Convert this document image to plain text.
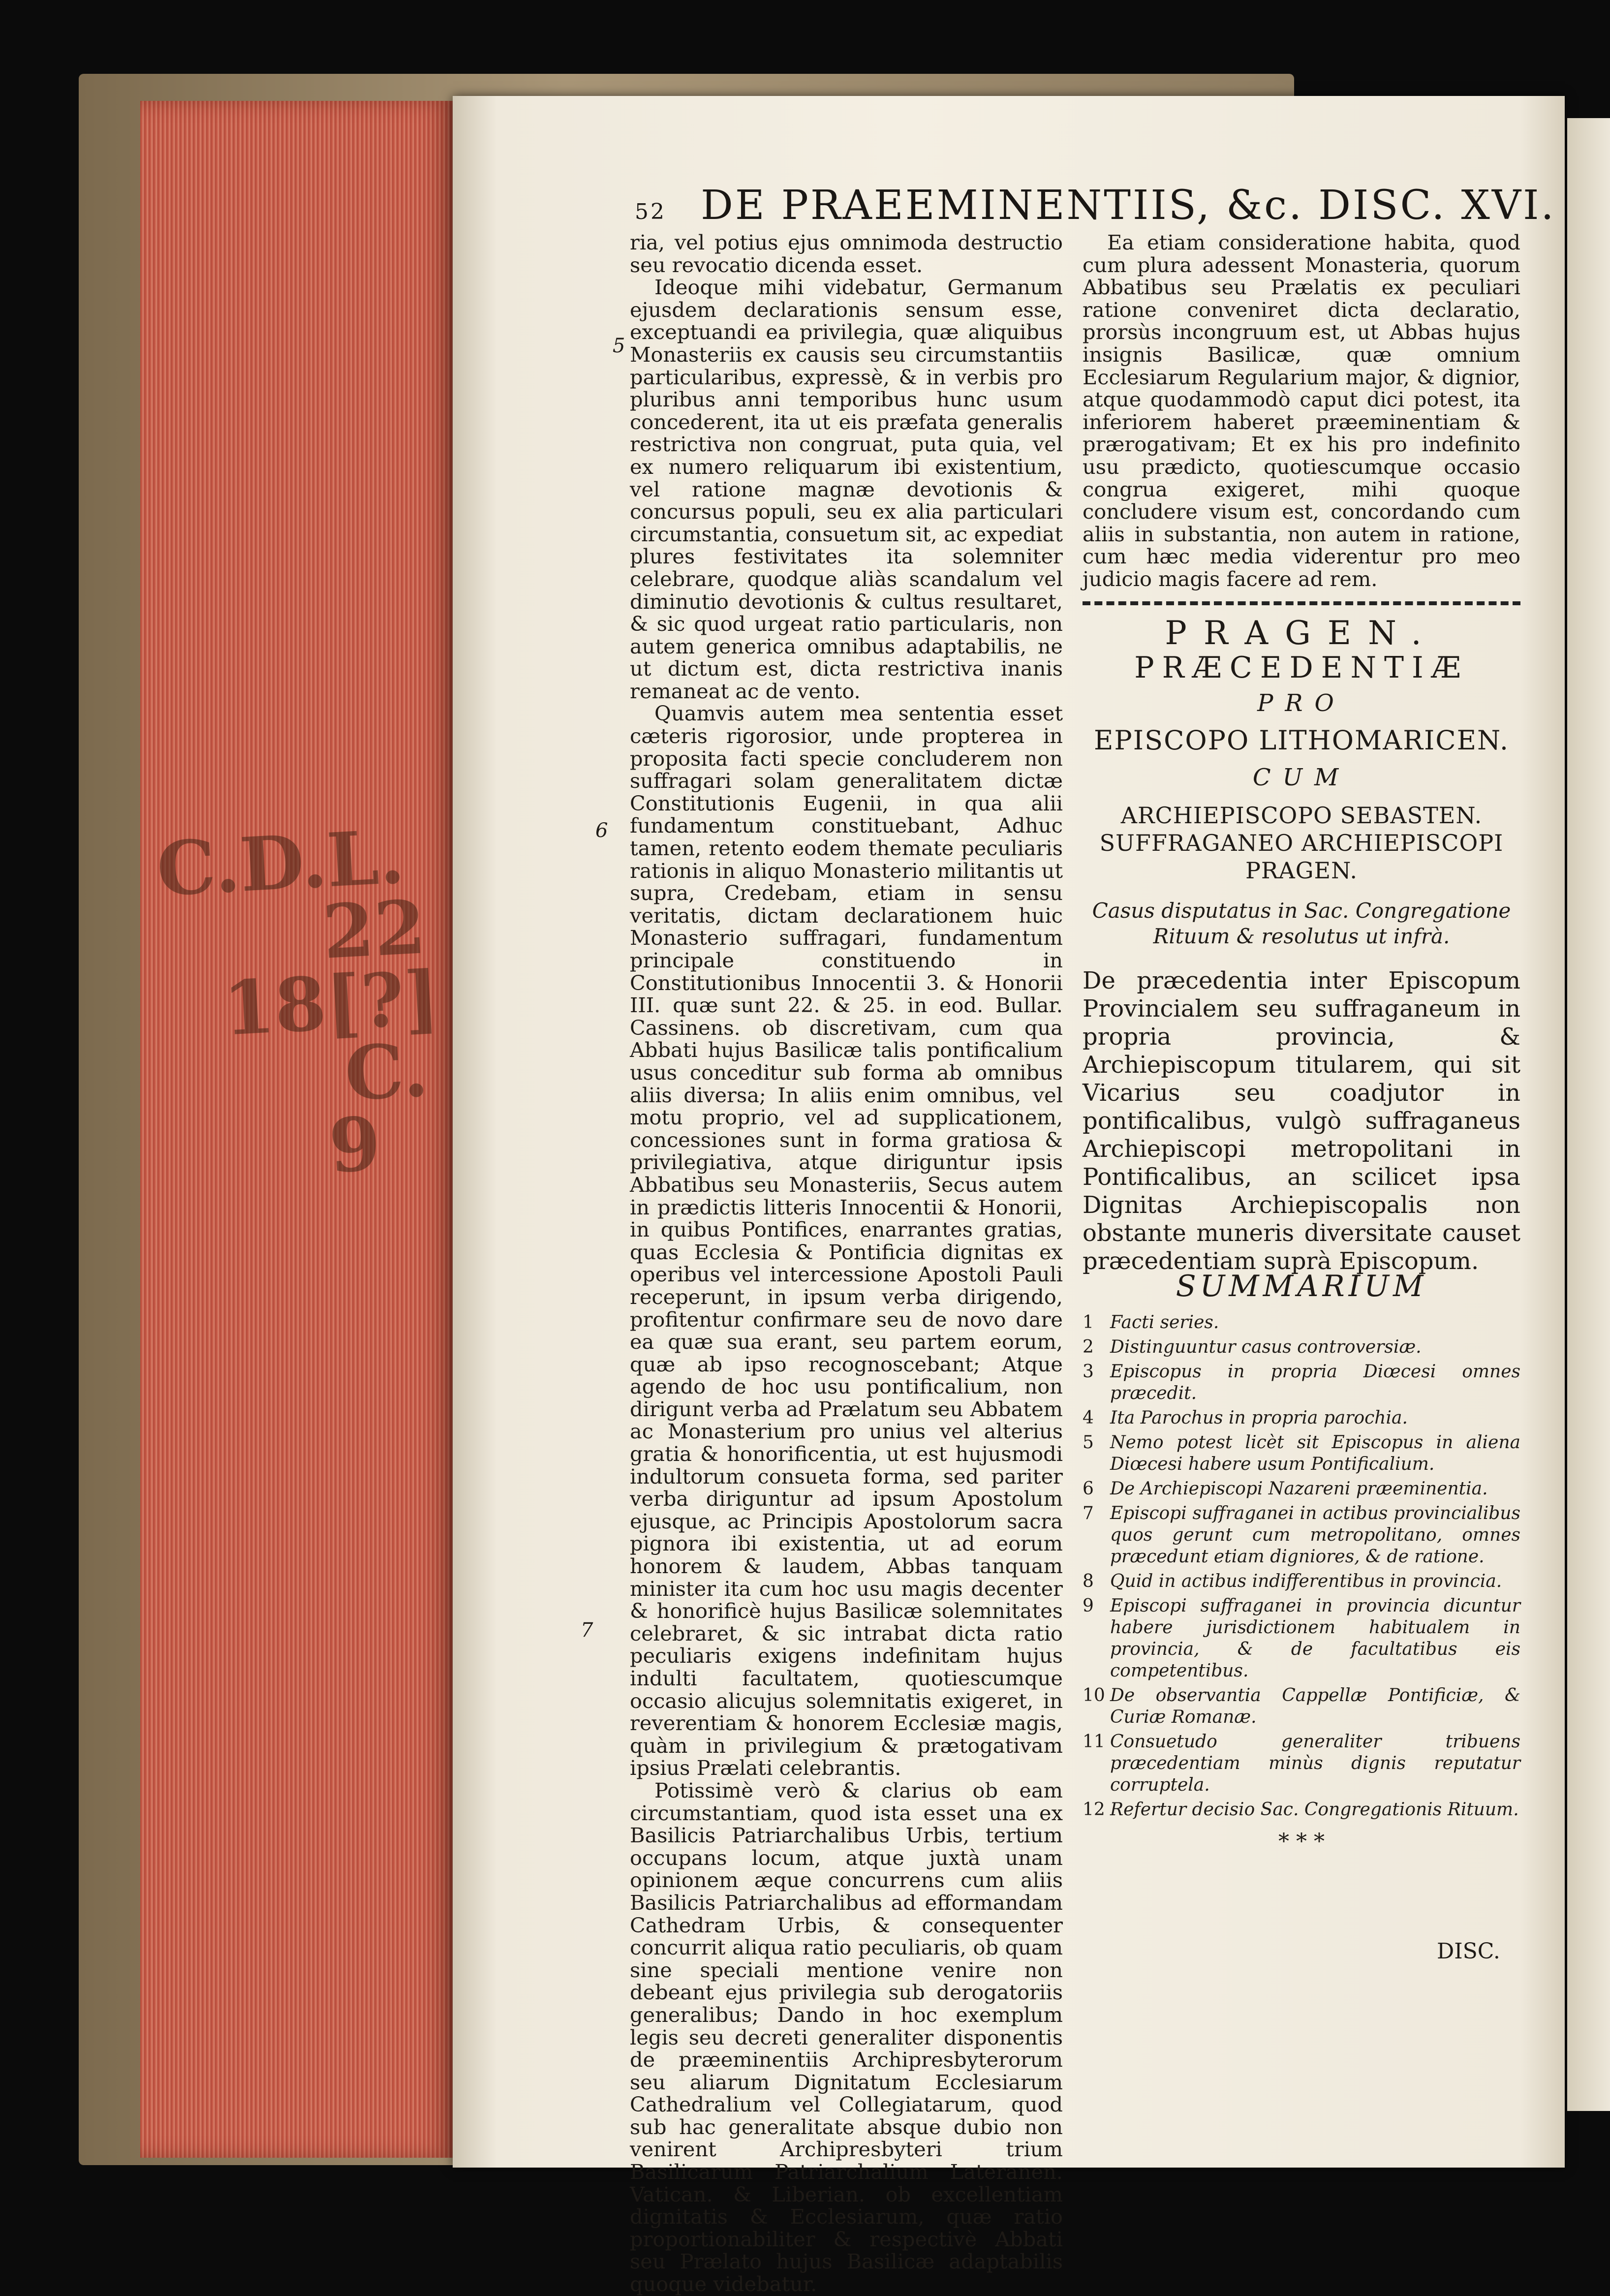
C.D.L.
22
18[?]
C.
9
52 DE PRAEEMINENTIIS, &c. DISC. XVI.
5
6
7

ria, vel potius ejus omnimoda destructio seu revocatio dicenda esset.

Ideoque mihi videbatur, Germanum ejusdem declarationis sensum esse, exceptuandi ea privilegia, quæ aliquibus Monasteriis ex causis seu circumstantiis particularibus, expressè, & in verbis pro pluribus anni temporibus hunc usum concederent, ita ut eis præfata generalis restrictiva non congruat, puta quia, vel ex numero reliquarum ibi existentium, vel ratione magnæ devotionis & concursus populi, seu ex alia particulari circumstantia, consuetum sit, ac expediat plures festivitates ita solemniter celebrare, quodque aliàs scandalum vel diminutio devotionis & cultus resultaret, & sic quod urgeat ratio particularis, non autem generica omnibus adaptabilis, ne ut dictum est, dicta restrictiva inanis remaneat ac de vento.

Quamvis autem mea sententia esset cæteris rigorosior, unde propterea in proposita facti specie concluderem non suffragari solam generalitatem dictæ Constitutionis Eugenii, in qua alii fundamentum constituebant, Adhuc tamen, retento eodem themate peculiaris rationis in aliquo Monasterio militantis ut supra, Credebam, etiam in sensu veritatis, dictam declarationem huic Monasterio suffragari, fundamentum principale constituendo in Constitutionibus Innocentii 3. & Honorii III. quæ sunt 22. & 25. in eod. Bullar. Cassinens. ob discretivam, cum qua Abbati hujus Basilicæ talis pontificalium usus conceditur sub forma ab omnibus aliis diversa; In aliis enim omnibus, vel motu proprio, vel ad supplicationem, concessiones sunt in forma gratiosa & privilegiativa, atque diriguntur ipsis Abbatibus seu Monasteriis, Secus autem in prædictis litteris Innocentii & Honorii, in quibus Pontifices, enarrantes gratias, quas Ecclesia & Pontificia dignitas ex operibus vel intercessione Apostoli Pauli receperunt, in ipsum verba dirigendo, profitentur confirmare seu de novo dare ea quæ sua erant, seu partem eorum, quæ ab ipso recognoscebant; Atque agendo de hoc usu pontificalium, non dirigunt verba ad Prælatum seu Abbatem ac Monasterium pro unius vel alterius gratia & honorificentia, ut est hujusmodi indultorum consueta forma, sed pariter verba diriguntur ad ipsum Apostolum ejusque, ac Principis Apostolorum sacra pignora ibi existentia, ut ad eorum honorem & laudem, Abbas tanquam minister ita cum hoc usu magis decenter & honorificè hujus Basilicæ solemnitates celebraret, & sic intrabat dicta ratio peculiaris exigens indefinitam hujus indulti facultatem, quotiescumque occasio alicujus solemnitatis exigeret, in reverentiam & honorem Ecclesiæ magis, quàm in privilegium & prætogativam ipsius Prælati celebrantis.

Potissimè verò & clarius ob eam circumstantiam, quod ista esset una ex Basilicis Patriarchalibus Urbis, tertium occupans locum, atque juxtà unam opinionem æque concurrens cum aliis Basilicis Patriarchalibus ad efformandam Cathedram Urbis, & consequenter concurrit aliqua ratio peculiaris, ob quam sine speciali mentione venire non debeant ejus privilegia sub derogatoriis generalibus; Dando in hoc exemplum legis seu decreti generaliter disponentis de præeminentiis Archipresbyterorum seu aliarum Dignitatum Ecclesiarum Cathedralium vel Collegiatarum, quod sub hac generalitate absque dubio non venirent Archipresbyteri trium Basilicarum Patriarchalium Lateranen. Vatican. & Liberian. ob excellentiam dignitatis & Ecclesiarum, quæ ratio proportionabiliter & respectivè Abbati seu Prælato hujus Basilicæ adaptabilis quoque videbatur.

Ea etiam consideratione habita, quod cum plura adessent Monasteria, quorum Abbatibus seu Prælatis ex peculiari ratione conveniret dicta declaratio, prorsùs incongruum est, ut Abbas hujus insignis Basilicæ, quæ omnium Ecclesiarum Regularium major, & dignior, atque quodammodò caput dici potest, ita inferiorem haberet præeminentiam & prærogativam; Et ex his pro indefinito usu prædicto, quotiescumque occasio congrua exigeret, mihi quoque concludere visum est, concordando cum aliis in substantia, non autem in ratione, cum hæc media viderentur pro meo judicio magis facere ad rem.

PRAGEN.
PRÆCEDENTIÆ
PRO
EPISCOPO LITHOMARICEN.
CUM
ARCHIEPISCOPO SEBASTEN. SUFFRAGANEO ARCHIEPISCOPI PRAGEN.
Casus disputatus in Sac. Congregatione Rituum & resolutus ut infrà.

De præcedentia inter Episcopum Provincialem seu suffraganeum in propria provincia, & Archiepiscopum titularem, qui sit Vicarius seu coadjutor in pontificalibus, vulgò suffraganeus Archiepiscopi metropolitani in Pontificalibus, an scilicet ipsa Dignitas Archiepiscopalis non obstante muneris diversitate causet præcedentiam suprà Episcopum.

SUMMARIUM
1 Facti series.
2 Distinguuntur casus controversiæ.
3 Episcopus in propria Diœcesi omnes præcedit.
4 Ita Parochus in propria parochia.
5 Nemo potest licèt sit Episcopus in aliena Diœcesi habere usum Pontificalium.
6 De Archiepiscopi Nazareni præeminentia.
7 Episcopi suffraganei in actibus provincialibus quos gerunt cum metropolitano, omnes præcedunt etiam digniores, & de ratione.
8 Quid in actibus indifferentibus in provincia.
9 Episcopi suffraganei in provincia dicuntur habere jurisdictionem habitualem in provincia, & de facultatibus eis competentibus.
10 De observantia Cappellæ Pontificiæ, & Curiæ Romanæ.
11 Consuetudo generaliter tribuens præcedentiam minùs dignis reputatur corruptela.
12 Refertur decisio Sac. Congregationis Rituum.
* * *
DISC.
